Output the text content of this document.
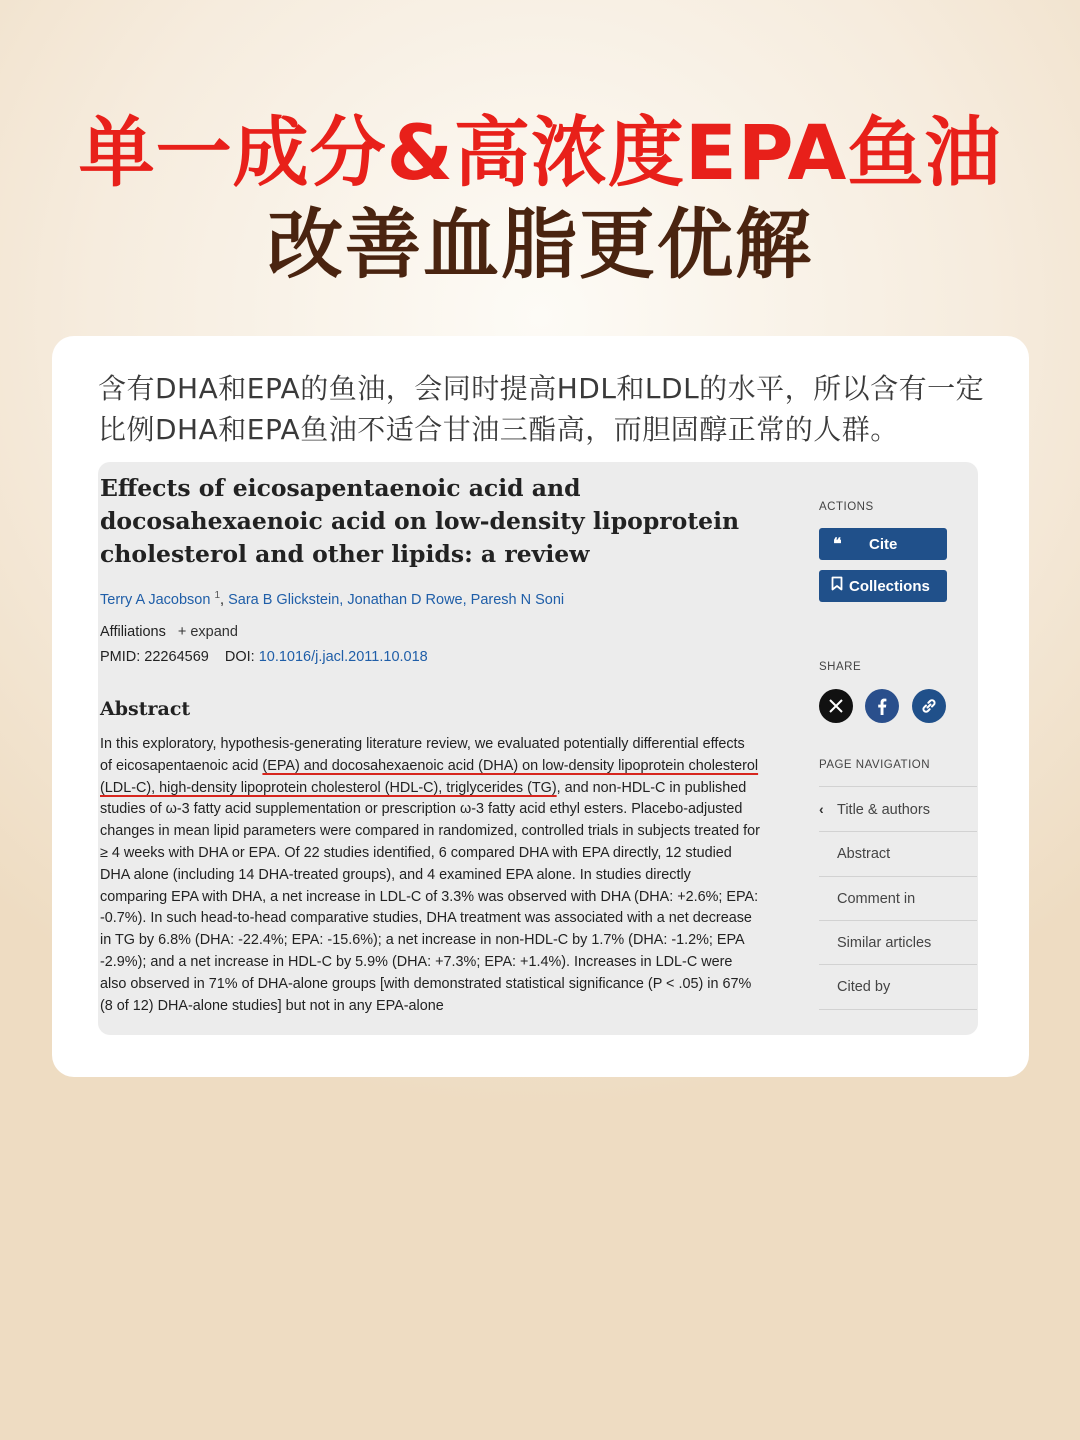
单一成分&高浓度EPA鱼油
改善血脂更优解
含有DHA和EPA的鱼油，会同时提高HDL和LDL的水平，所以含有一定比例DHA和EPA鱼油不适合甘油三酯高，而胆固醇正常的人群。
Effects of eicosapentaenoic acid and docosahexaenoic acid on low-density lipoprotein cholesterol and other lipids: a review
Terry A Jacobson $^1$, Sara B Glickstein, Jonathan D Rowe, Paresh N Soni
Affiliations + expand
PMID: 22264569 DOI: 10.1016/j.jacl.2011.10.018
Abstract
In this exploratory, hypothesis-generating literature review, we evaluated potentially differential effects of eicosapentaenoic acid (EPA) and docosahexaenoic acid (DHA) on low-density lipoprotein cholesterol (LDL-C), high-density lipoprotein cholesterol (HDL-C), triglycerides (TG), and non-HDL-C in published studies of ω-3 fatty acid supplementation or prescription ω-3 fatty acid ethyl esters. Placebo-adjusted changes in mean lipid parameters were compared in randomized, controlled trials in subjects treated for ≥ 4 weeks with DHA or EPA. Of 22 studies identified, 6 compared DHA with EPA directly, 12 studied DHA alone (including 14 DHA-treated groups), and 4 examined EPA alone. In studies directly comparing EPA with DHA, a net increase in LDL-C of 3.3% was observed with DHA (DHA: +2.6%; EPA: -0.7%). In such head-to-head comparative studies, DHA treatment was associated with a net decrease in TG by 6.8% (DHA: -22.4%; EPA: -15.6%); a net increase in non-HDL-C by 1.7% (DHA: -1.2%; EPA -2.9%); and a net increase in HDL-C by 5.9% (DHA: +7.3%; EPA: +1.4%). Increases in LDL-C were also observed in 71% of DHA-alone groups [with demonstrated statistical significance (P < .05) in 67% (8 of 12) DHA-alone studies] but not in any EPA-alone
ACTIONS
❝	Cite
Collections
SHARE
PAGE NAVIGATION
‹ Title & authors
Abstract
Comment in
Similar articles
Cited by
